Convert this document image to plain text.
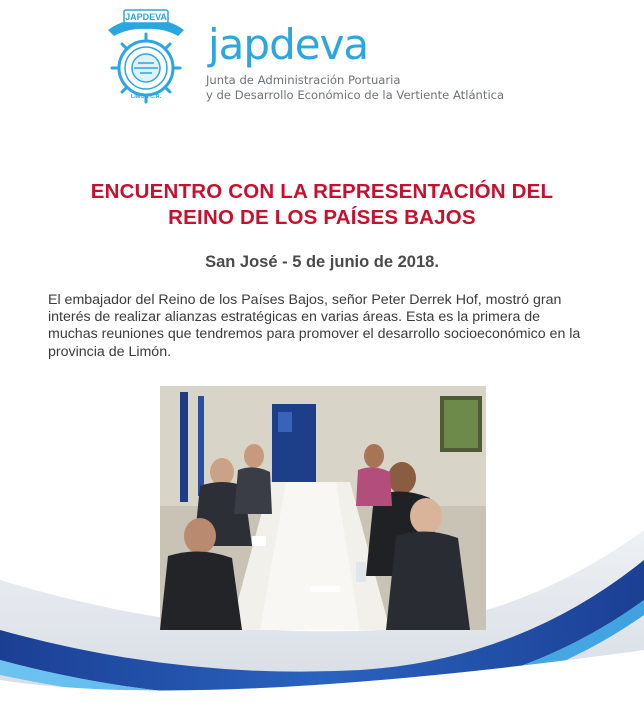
JAPDEVA
LIMÓN C.R.
japdeva
Junta de Administración Portuaria
y de Desarrollo Económico de la Vertiente Atlántica
ENCUENTRO CON LA REPRESENTACIÓN DEL
REINO DE LOS PAÍSES BAJOS

San José - 5 de junio de 2018.

El embajador del Reino de los Países Bajos, señor Peter Derrek Hof, mostró gran interés de realizar alianzas estratégicas en varias áreas. Esta es la primera de muchas reuniones que tendremos para promover el desarrollo socioeconómico en la provincia de Limón.
